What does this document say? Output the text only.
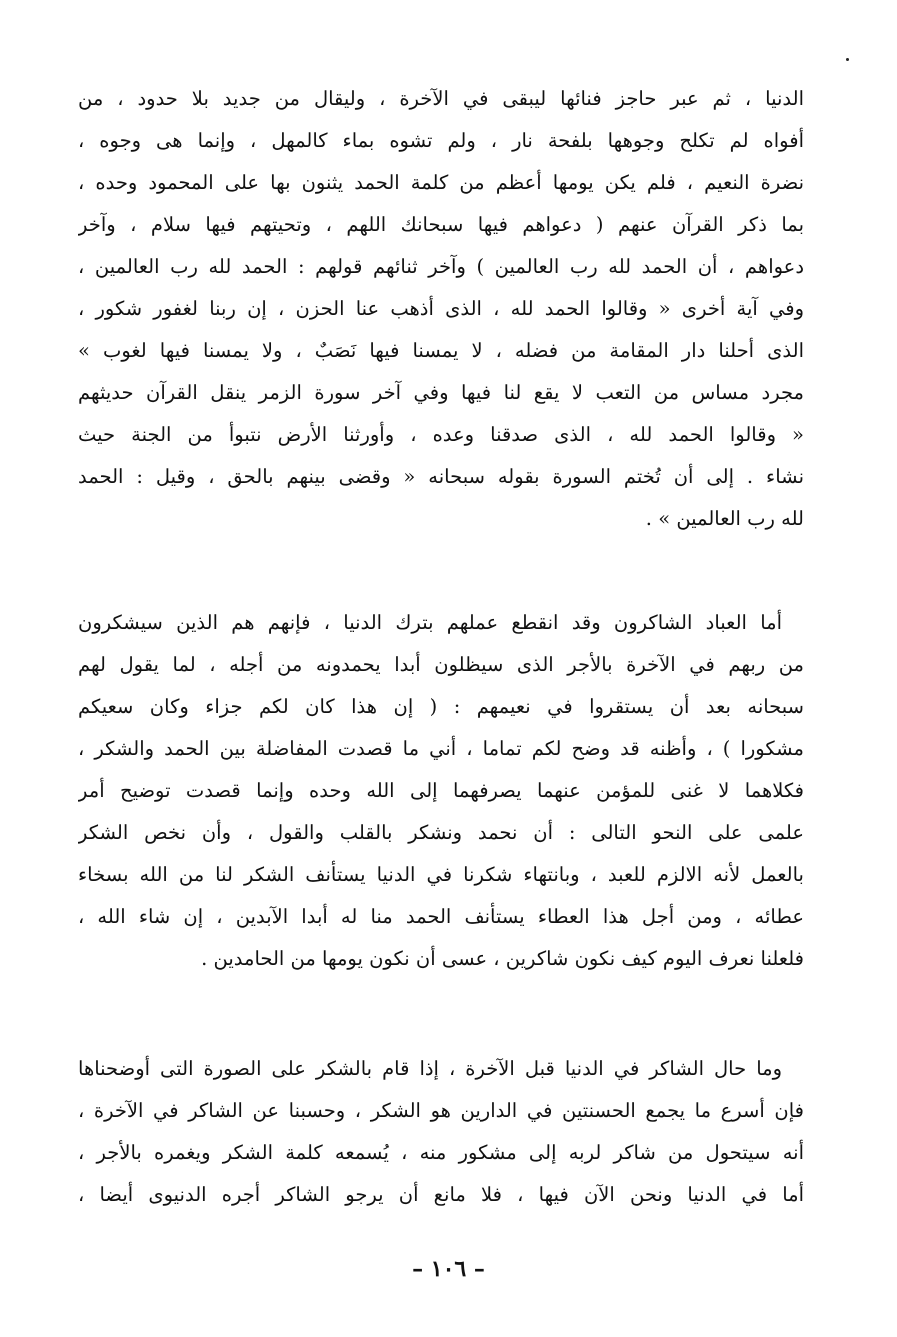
الدنيا ، ثم عبر حاجز فنائها ليبقى في الآخرة ، وليقال من جديد بلا حدود ، من
أفواه لم تكلح وجوهها بلفحة نار ، ولم تشوه بماء كالمهل ، وإنما هى وجوه ،
نضرة النعيم ، فلم يكن يومها أعظم من كلمة الحمد يثنون بها على المحمود وحده ،
بما ذكر القرآن عنهم ( دعواهم فيها سبحانك اللهم ، وتحيتهم فيها سلام ، وآخر
دعواهم ، أن الحمد لله رب العالمين ) وآخر ثنائهم قولهم : الحمد لله رب العالمين ،
وفي آية أخرى « وقالوا الحمد لله ، الذى أذهب عنا الحزن ، إن ربنا لغفور شكور ،
الذى أحلنا دار المقامة من فضله ، لا يمسنا فيها نَصَبٌ ، ولا يمسنا فيها لغوب »
مجرد مساس من التعب لا يقع لنا فيها وفي آخر سورة الزمر ينقل القرآن حديثهم
« وقالوا الحمد لله ، الذى صدقنا وعده ، وأورثنا الأرض نتبوأ من الجنة حيث
نشاء . إلى أن تُختم السورة بقوله سبحانه « وقضى بينهم بالحق ، وقيل : الحمد
لله رب العالمين » .
أما العباد الشاكرون وقد انقطع عملهم بترك الدنيا ، فإنهم هم الذين سيشكرون
من ربهم في الآخرة بالأجر الذى سيظلون أبدا يحمدونه من أجله ، لما يقول لهم
سبحانه بعد أن يستقروا في نعيمهم : ( إن هذا كان لكم جزاء وكان سعيكم
مشكورا ) ، وأظنه قد وضح لكم تماما ، أني ما قصدت المفاضلة بين الحمد والشكر ،
فكلاهما لا غنى للمؤمن عنهما يصرفهما إلى الله وحده وإنما قصدت توضيح أمر
علمى على النحو التالى : أن نحمد ونشكر بالقلب والقول ، وأن نخص الشكر
بالعمل لأنه الالزم للعبد ، وبانتهاء شكرنا في الدنيا يستأنف الشكر لنا من الله بسخاء
عطائه ، ومن أجل هذا العطاء يستأنف الحمد منا له أبدا الآبدين ، إن شاء الله ،
فلعلنا نعرف اليوم كيف نكون شاكرين ، عسى أن نكون يومها من الحامدين .
وما حال الشاكر في الدنيا قبل الآخرة ، إذا قام بالشكر على الصورة التى أوضحناها
فإن أسرع ما يجمع الحسنتين في الدارين هو الشكر ، وحسبنا عن الشاكر في الآخرة ،
أنه سيتحول من شاكر لربه إلى مشكور منه ، يُسمعه كلمة الشكر ويغمره بالأجر ،
أما في الدنيا ونحن الآن فيها ، فلا مانع أن يرجو الشاكر أجره الدنيوى أيضا ،
– ١٠٦ –
